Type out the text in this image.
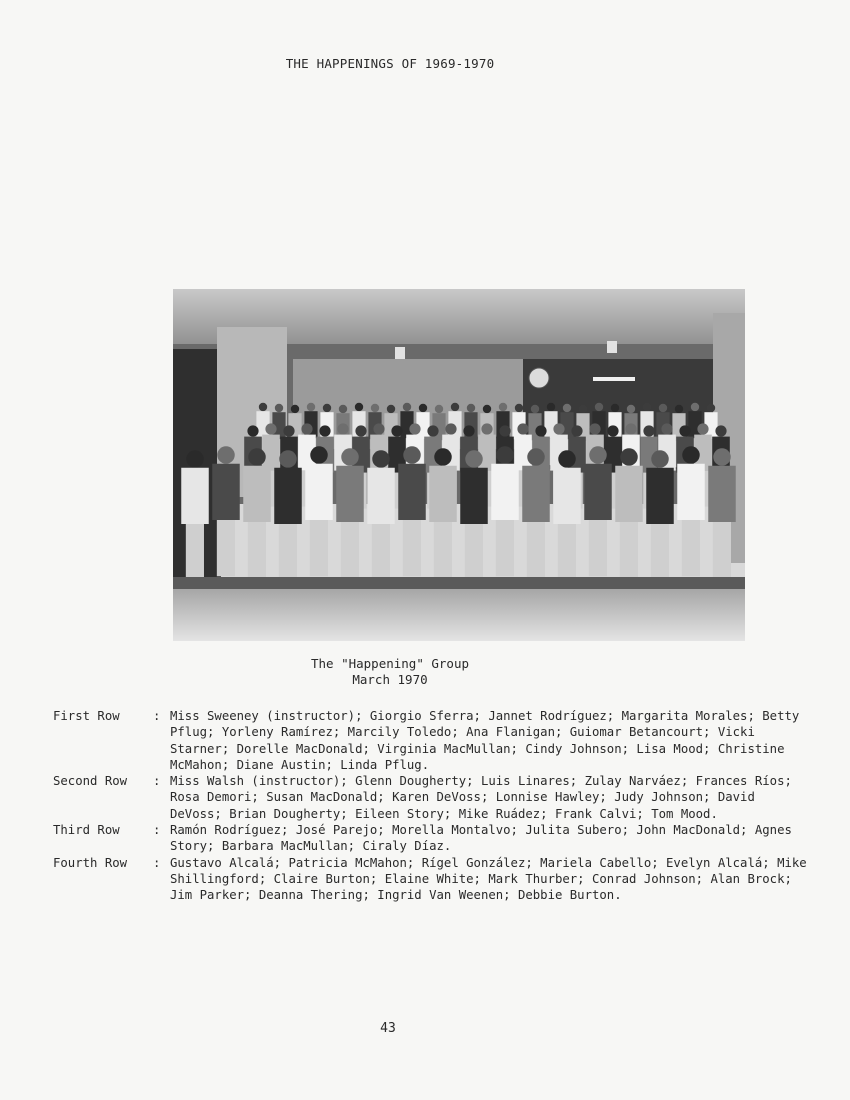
THE HAPPENINGS OF 1969-1970
The "Happening" Group
March 1970
First Row	: Miss Sweeney (instructor); Giorgio Sferra; Jannet Rodríguez; Margarita Morales; Betty Pflug; Yorleny Ramírez; Marcily Toledo; Ana Flanigan; Guiomar Betancourt; Vicki Starner; Dorelle MacDonald; Virginia MacMullan; Cindy Johnson; Lisa Mood; Christine McMahon; Diane Austin; Linda Pflug.
Second Row	: Miss Walsh (instructor); Glenn Dougherty; Luis Linares; Zulay Narváez; Frances Ríos; Rosa Demori; Susan MacDonald; Karen DeVoss; Lonnise Hawley; Judy Johnson; David DeVoss; Brian Dougherty; Eileen Story; Mike Ruádez; Frank Calvi; Tom Mood.
Third Row	: Ramón Rodríguez; José Parejo; Morella Montalvo; Julita Subero; John MacDonald; Agnes Story; Barbara MacMullan; Ciraly Díaz.
Fourth Row	: Gustavo Alcalá; Patricia McMahon; Rígel González; Mariela Cabello; Evelyn Alcalá; Mike Shillingford; Claire Burton; Elaine White; Mark Thurber; Conrad Johnson; Alan Brock; Jim Parker; Deanna Thering; Ingrid Van Weenen; Debbie Burton.
43
